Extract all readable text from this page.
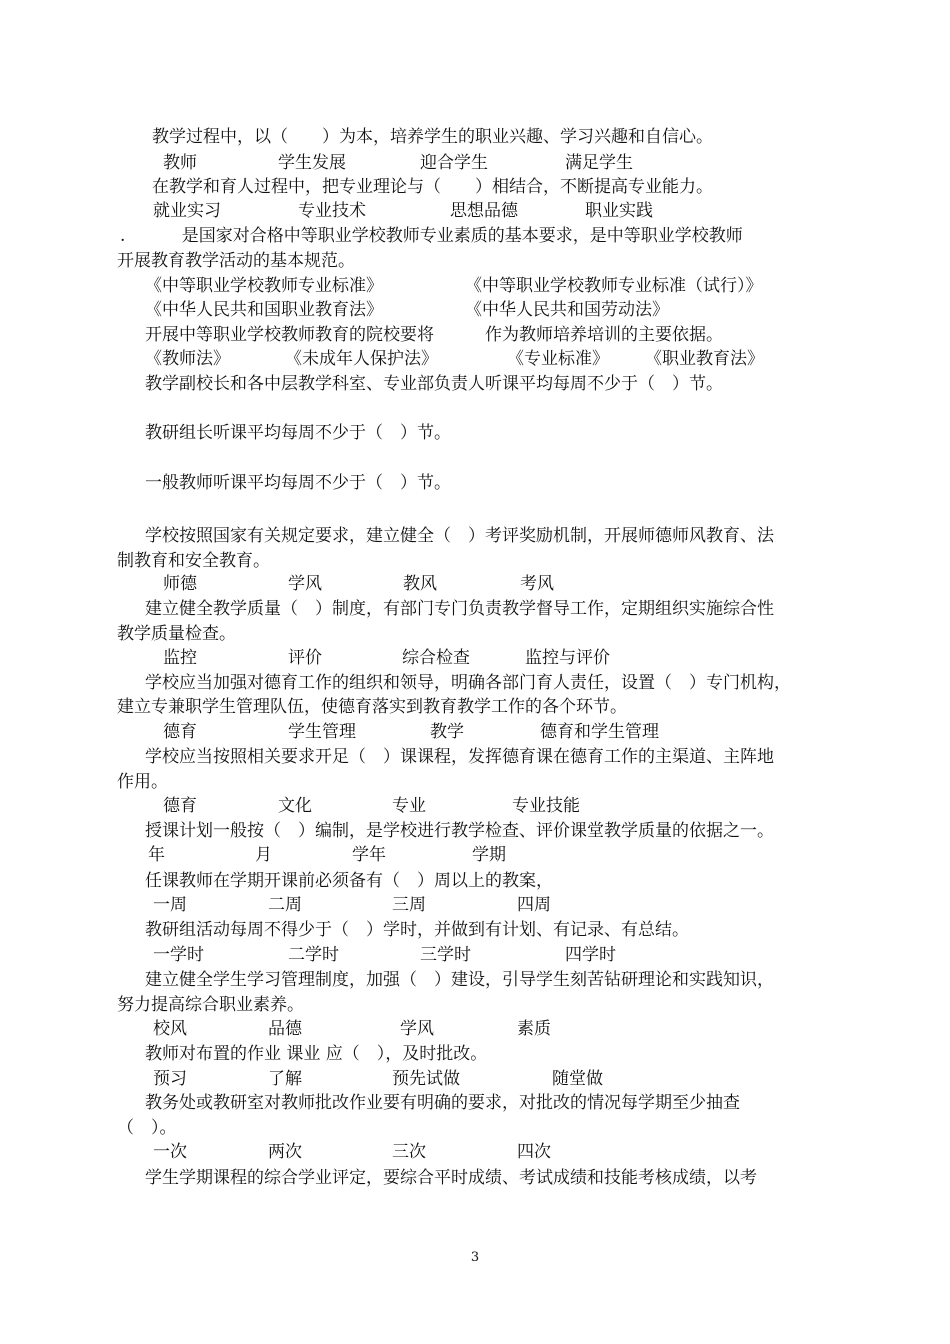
教学过程中，以（　　）为本，培养学生的职业兴趣、学习兴趣和自信心。
教师	学生发展	迎合学生	满足学生
在教学和育人过程中，把专业理论与（　　）相结合，不断提高专业能力。
就业实习	专业技术	思想品德	职业实践
. 　　　是国家对合格中等职业学校教师专业素质的基本要求，是中等职业学校教师
开展教育教学活动的基本规范。
《中等职业学校教师专业标准》	《中等职业学校教师专业标准（试行）》
《中华人民共和国职业教育法》	《中华人民共和国劳动法》
开展中等职业学校教师教育的院校要将　　　作为教师培养培训的主要依据。
《教师法》	《未成年人保护法》	《专业标准》 《职业教育法》
教学副校长和各中层教学科室、专业部负责人听课平均每周不少于（　）节。
教研组长听课平均每周不少于（　）节。
一般教师听课平均每周不少于（　）节。
学校按照国家有关规定要求，建立健全（　）考评奖励机制，开展师德师风教育、法
制教育和安全教育。
师德	学风	教风	考风
建立健全教学质量（　）制度，有部门专门负责教学督导工作，定期组织实施综合性
教学质量检查。
监控	评价	综合检查	监控与评价
学校应当加强对德育工作的组织和领导，明确各部门育人责任，设置（　）专门机构，
建立专兼职学生管理队伍，使德育落实到教育教学工作的各个环节。
德育	学生管理	教学	德育和学生管理
学校应当按照相关要求开足（　）课课程，发挥德育课在德育工作的主渠道、主阵地
作用。
德育	文化	专业	专业技能
授课计划一般按（　）编制，是学校进行教学检查、评价课堂教学质量的依据之一。
年	月	学年	学期
任课教师在学期开课前必须备有（　）周以上的教案，
一周	二周	三周	四周
教研组活动每周不得少于（　）学时，并做到有计划、有记录、有总结。
一学时	二学时	三学时	四学时
建立健全学生学习管理制度，加强（　）建设，引导学生刻苦钻研理论和实践知识，
努力提高综合职业素养。
校风	品德	学风	素质
教师对布置的作业 课业 应（　），及时批改。
预习	了解	预先试做	随堂做
教务处或教研室对教师批改作业要有明确的要求，对批改的情况每学期至少抽查
（　）。
一次	两次	三次	四次
学生学期课程的综合学业评定，要综合平时成绩、考试成绩和技能考核成绩，以考
3
